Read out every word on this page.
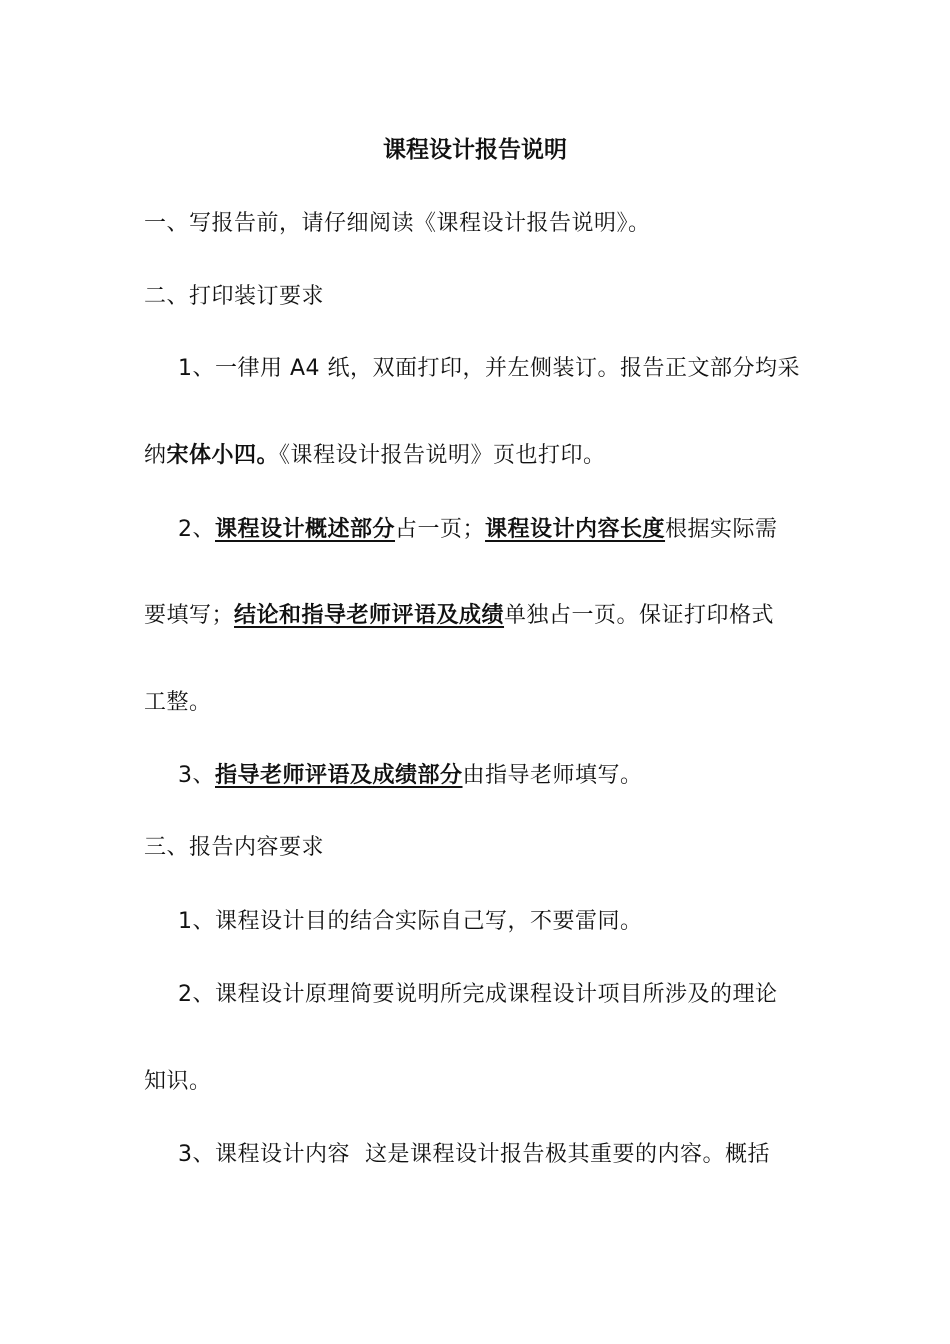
课程设计报告说明
一、写报告前，请仔细阅读《课程设计报告说明》。
二、打印装订要求
1、一律用 A4 纸，双面打印，并左侧装订。报告正文部分均采
纳宋体小四。《课程设计报告说明》页也打印。
2、课程设计概述部分占一页；课程设计内容长度根据实际需
要填写；结论和指导老师评语及成绩单独占一页。保证打印格式
工整。
3、指导老师评语及成绩部分由指导老师填写。
三、报告内容要求
1、课程设计目的结合实际自己写，不要雷同。
2、课程设计原理简要说明所完成课程设计项目所涉及的理论
知识。
3、课程设计内容  这是课程设计报告极其重要的内容。概括
